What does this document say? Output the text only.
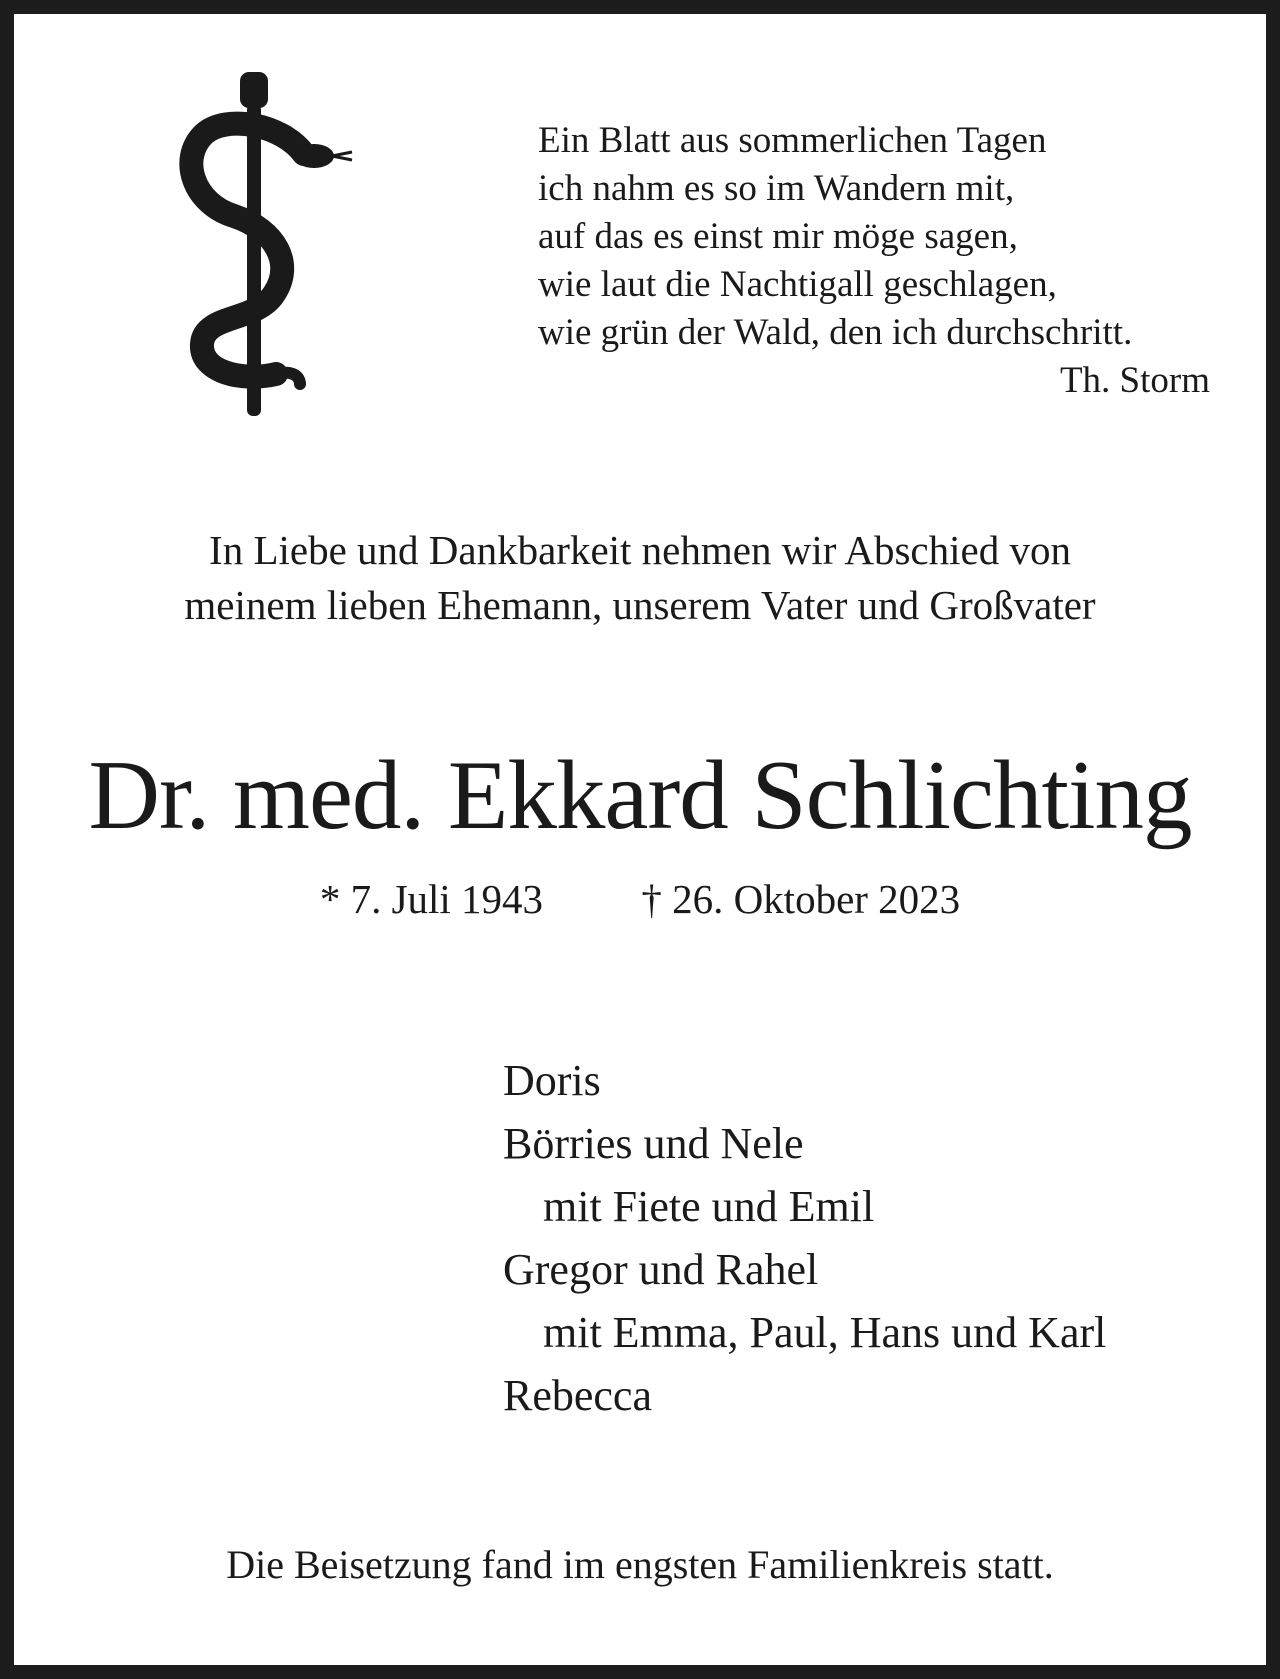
Ein Blatt aus sommerlichen Tagen
ich nahm es so im Wandern mit,
auf das es einst mir möge sagen,
wie laut die Nachtigall geschlagen,
wie grün der Wald, den ich durchschritt.
Th. Storm
In Liebe und Dankbarkeit nehmen wir Abschied von
meinem lieben Ehemann, unserem Vater und Großvater
Dr. med. Ekkard Schlichting
* 7. Juli 1943 † 26. Oktober 2023
Doris
Börries und Nele
mit Fiete und Emil
Gregor und Rahel
mit Emma, Paul, Hans und Karl
Rebecca
Die Beisetzung fand im engsten Familienkreis statt.
